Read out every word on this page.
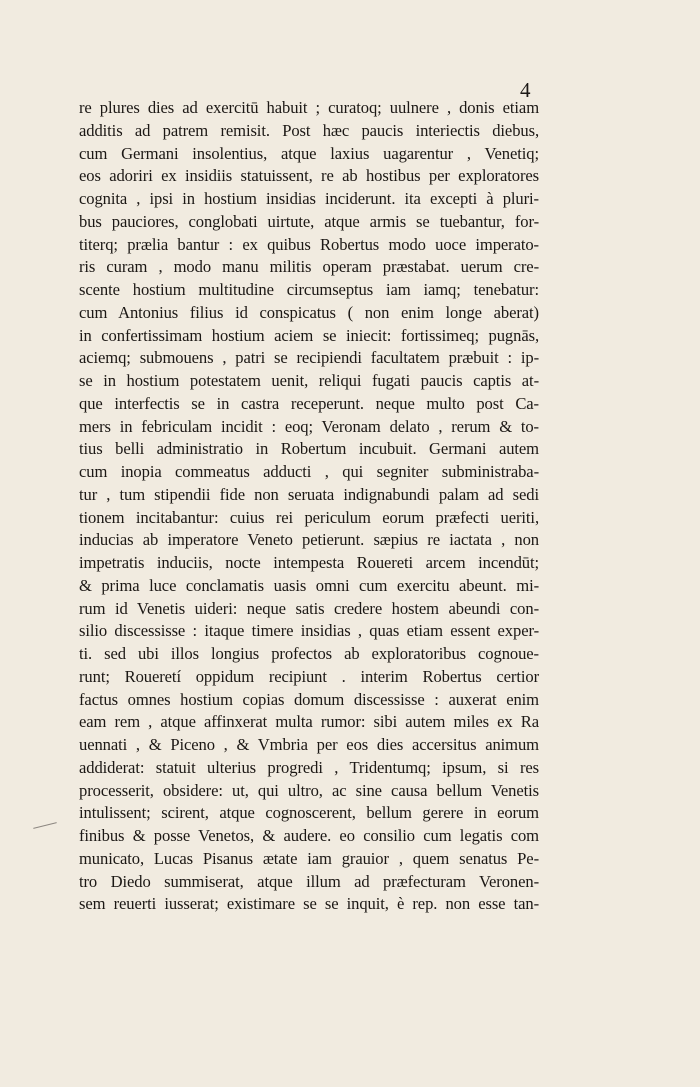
4
re plures dies ad exercitū habuit ; curatoq; uulnere , donis etiam
additis ad patrem remisit. Post hæc paucis interiectis diebus,
cum Germani insolentius, atque laxius uagarentur , Venetiq;
eos adoriri ex insidiis statuissent, re ab hostibus per exploratores
cognita , ipsi in hostium insidias inciderunt. ita excepti à pluri-
bus pauciores, conglobati uirtute, atque armis se tuebantur, for-
titerq; prælia bantur : ex quibus Robertus modo uoce imperato-
ris curam , modo manu militis operam præstabat. uerum cre-
scente hostium multitudine circumseptus iam iamq; tenebatur:
cum Antonius filius id conspicatus ( non enim longe aberat)
in confertissimam hostium aciem se iniecit: fortissimeq; pugnās,
aciemq; submouens , patri se recipiendi facultatem præbuit : ip-
se in hostium potestatem uenit, reliqui fugati paucis captis at-
que interfectis se in castra receperunt. neque multo post Ca-
mers in febriculam incidit : eoq; Veronam delato , rerum & to-
tius belli administratio in Robertum incubuit. Germani autem
cum inopia commeatus adducti , qui segniter subministraba-
tur , tum stipendii fide non seruata indignabundi palam ad sedi
tionem incitabantur: cuius rei periculum eorum præfecti ueriti,
inducias ab imperatore Veneto petierunt. sæpius re iactata , non
impetratis induciis, nocte intempesta Rouereti arcem incendūt;
& prima luce conclamatis uasis omni cum exercitu abeunt. mi-
rum id Venetis uideri: neque satis credere hostem abeundi con-
silio discessisse : itaque timere insidias , quas etiam essent exper-
ti. sed ubi illos longius profectos ab exploratoribus cognoue-
runt; Roueretí oppidum recipiunt . interim Robertus certior
factus omnes hostium copias domum discessisse : auxerat enim
eam rem , atque affinxerat multa rumor: sibi autem miles ex Ra
uennati , & Piceno , & Vmbria per eos dies accersitus animum
addiderat: statuit ulterius progredi , Tridentumq; ipsum, si res
processerit, obsidere: ut, qui ultro, ac sine causa bellum Venetis
intulissent; scirent, atque cognoscerent, bellum gerere in eorum
finibus & posse Venetos, & audere. eo consilio cum legatis com
municato, Lucas Pisanus ætate iam grauior , quem senatus Pe-
tro Diedo summiserat, atque illum ad præfecturam Veronen-
sem reuerti iusserat; existimare se se inquit, è rep. non esse tan-
